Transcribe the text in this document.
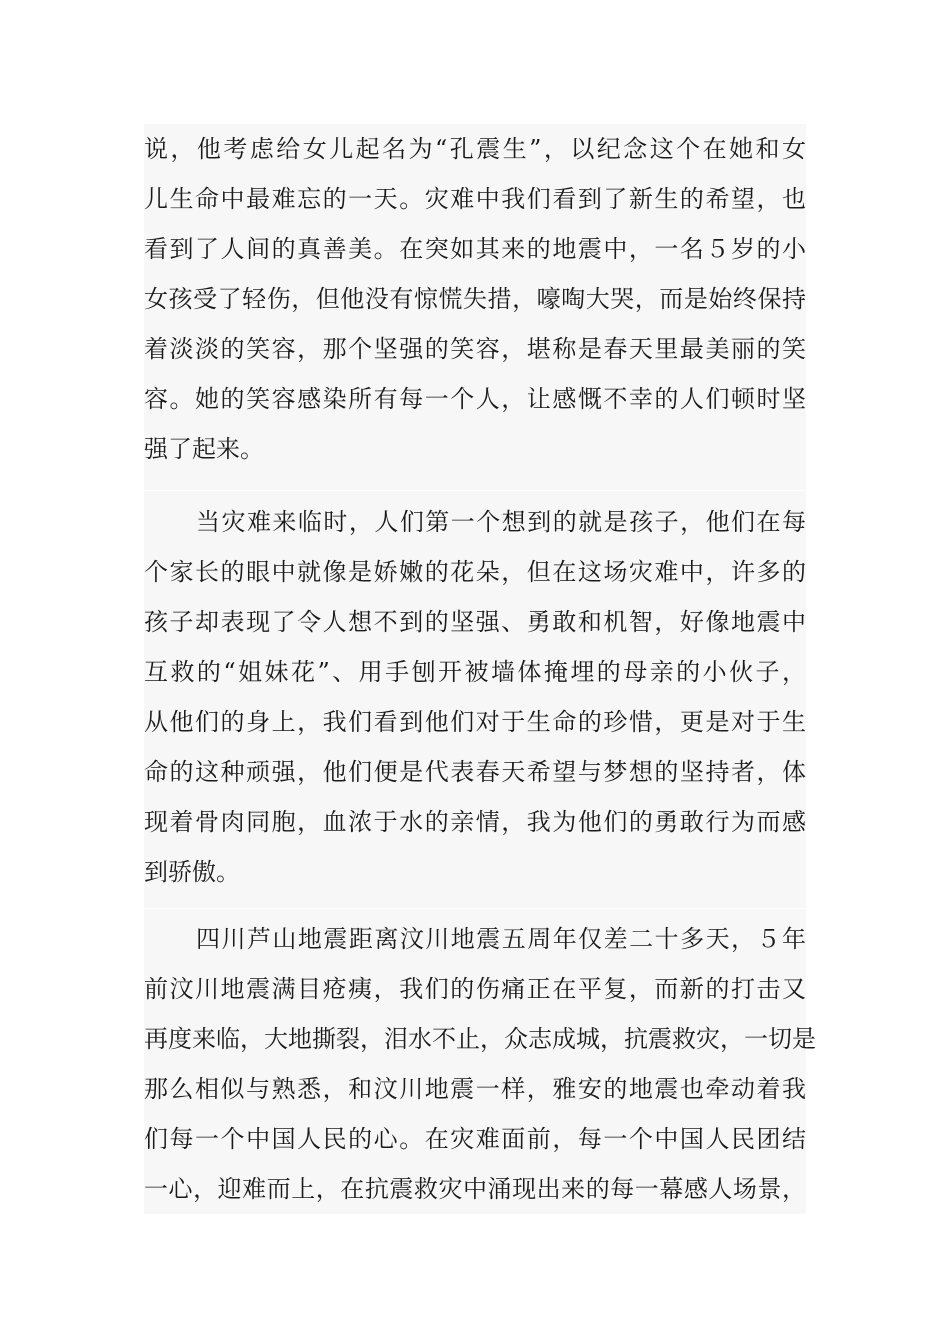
说，他考虑给女儿起名为“孔震生”，以纪念这个在她和女
儿生命中最难忘的一天。灾难中我们看到了新生的希望，也
看到了人间的真善美。在突如其来的地震中，一名５岁的小
女孩受了轻伤，但他没有惊慌失措，嚎啕大哭，而是始终保持
着淡淡的笑容，那个坚强的笑容，堪称是春天里最美丽的笑
容。她的笑容感染所有每一个人，让感慨不幸的人们顿时坚
强了起来。
当灾难来临时，人们第一个想到的就是孩子，他们在每
个家长的眼中就像是娇嫩的花朵，但在这场灾难中，许多的
孩子却表现了令人想不到的坚强、勇敢和机智，好像地震中
互救的“姐妹花”、用手刨开被墙体掩埋的母亲的小伙子，
从他们的身上，我们看到他们对于生命的珍惜，更是对于生
命的这种顽强，他们便是代表春天希望与梦想的坚持者，体
现着骨肉同胞，血浓于水的亲情，我为他们的勇敢行为而感
到骄傲。
四川芦山地震距离汶川地震五周年仅差二十多天，５年
前汶川地震满目疮痍，我们的伤痛正在平复，而新的打击又
再度来临，大地撕裂，泪水不止，众志成城，抗震救灾，一切是
那么相似与熟悉，和汶川地震一样，雅安的地震也牵动着我
们每一个中国人民的心。在灾难面前，每一个中国人民团结
一心，迎难而上，在抗震救灾中涌现出来的每一幕感人场景，
